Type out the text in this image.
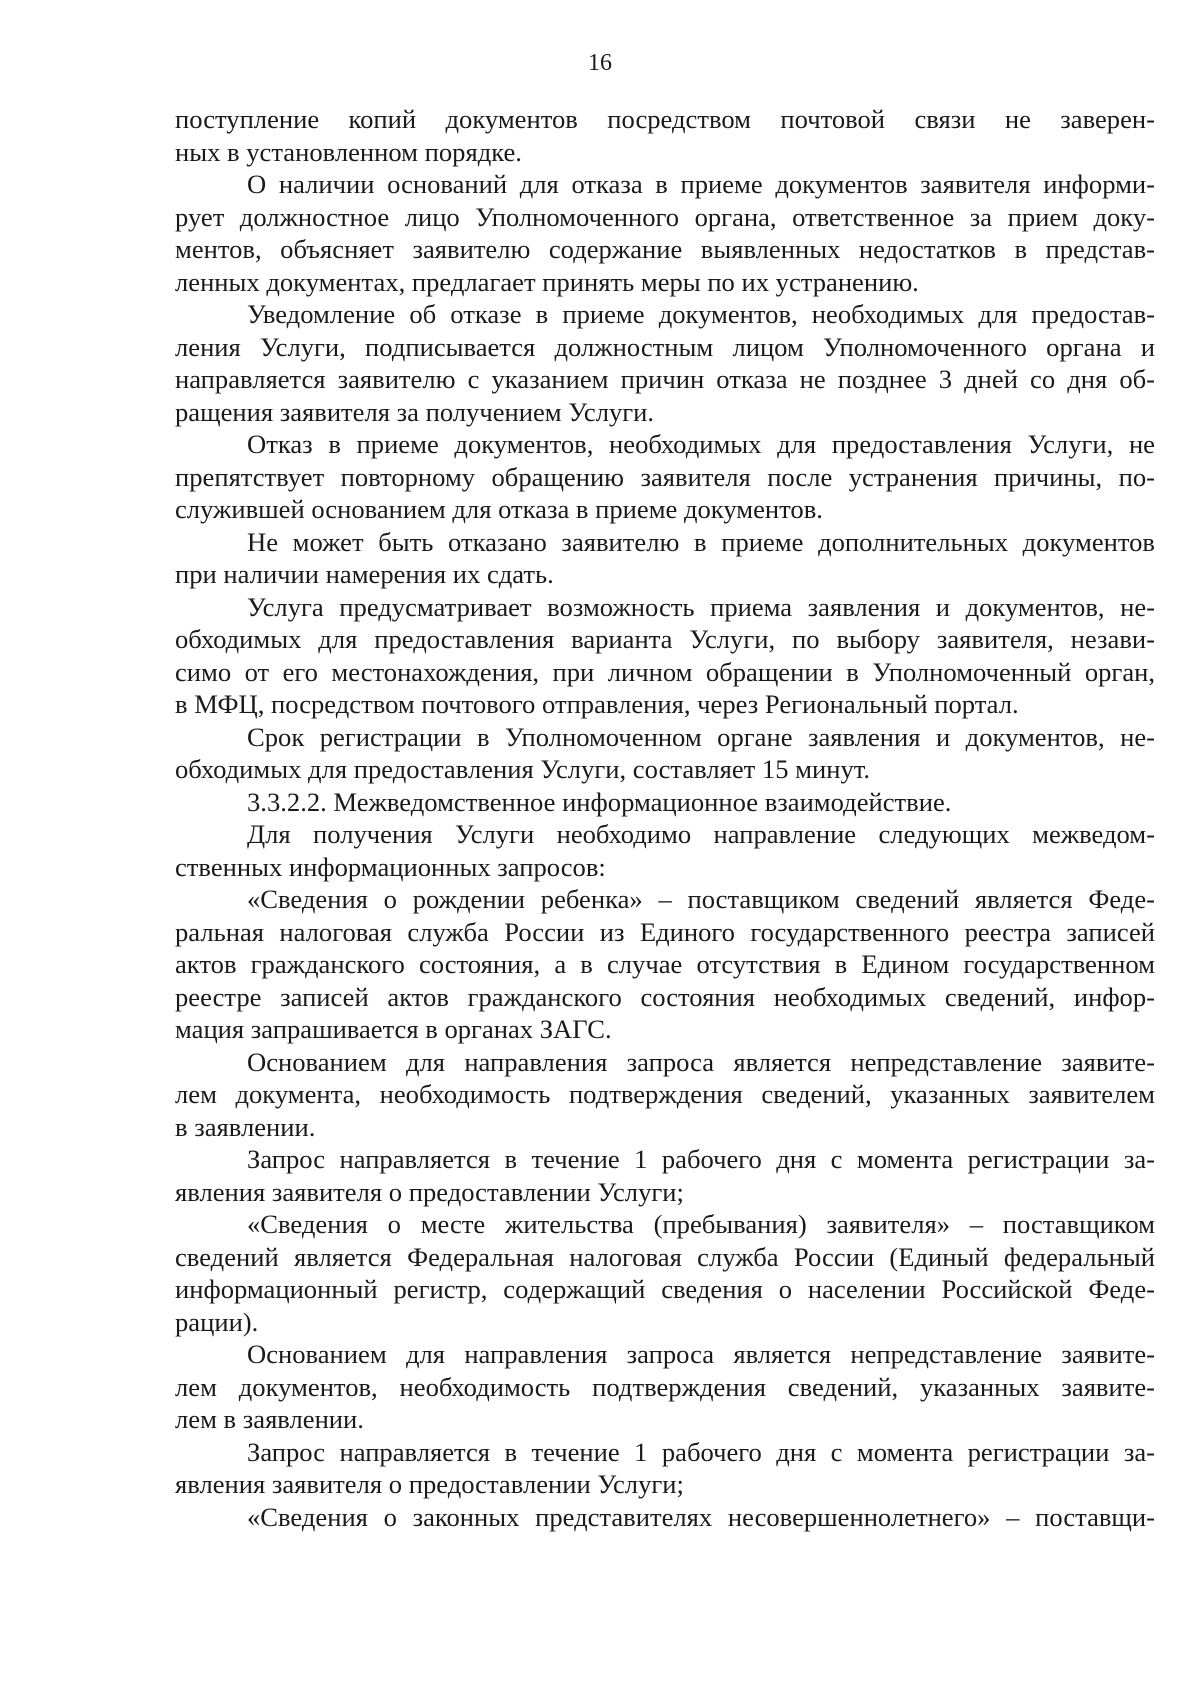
16
поступление копий документов посредством почтовой связи не заверен-
ных в установленном порядке.
О наличии оснований для отказа в приеме документов заявителя информи-
рует должностное лицо Уполномоченного органа, ответственное за прием доку-
ментов, объясняет заявителю содержание выявленных недостатков в представ-
ленных документах, предлагает принять меры по их устранению.
Уведомление об отказе в приеме документов, необходимых для предостав-
ления Услуги, подписывается должностным лицом Уполномоченного органа и
направляется заявителю с указанием причин отказа не позднее 3 дней со дня об-
ращения заявителя за получением Услуги.
Отказ в приеме документов, необходимых для предоставления Услуги, не
препятствует повторному обращению заявителя после устранения причины, по-
служившей основанием для отказа в приеме документов.
Не может быть отказано заявителю в приеме дополнительных документов
при наличии намерения их сдать.
Услуга предусматривает возможность приема заявления и документов, не-
обходимых для предоставления варианта Услуги, по выбору заявителя, незави-
симо от его местонахождения, при личном обращении в Уполномоченный орган,
в МФЦ, посредством почтового отправления, через Региональный портал.
Срок регистрации в Уполномоченном органе заявления и документов, не-
обходимых для предоставления Услуги, составляет 15 минут.
3.3.2.2. Межведомственное информационное взаимодействие.
Для получения Услуги необходимо направление следующих межведом-
ственных информационных запросов:
«Сведения о рождении ребенка» – поставщиком сведений является Феде-
ральная налоговая служба России из Единого государственного реестра записей
актов гражданского состояния, а в случае отсутствия в Едином государственном
реестре записей актов гражданского состояния необходимых сведений, инфор-
мация запрашивается в органах ЗАГС.
Основанием для направления запроса является непредставление заявите-
лем документа, необходимость подтверждения сведений, указанных заявителем
в заявлении.
Запрос направляется в течение 1 рабочего дня с момента регистрации за-
явления заявителя о предоставлении Услуги;
«Сведения о месте жительства (пребывания) заявителя» – поставщиком
сведений является Федеральная налоговая служба России (Единый федеральный
информационный регистр, содержащий сведения о населении Российской Феде-
рации).
Основанием для направления запроса является непредставление заявите-
лем документов, необходимость подтверждения сведений, указанных заявите-
лем в заявлении.
Запрос направляется в течение 1 рабочего дня с момента регистрации за-
явления заявителя о предоставлении Услуги;
«Сведения о законных представителях несовершеннолетнего» – поставщи-
